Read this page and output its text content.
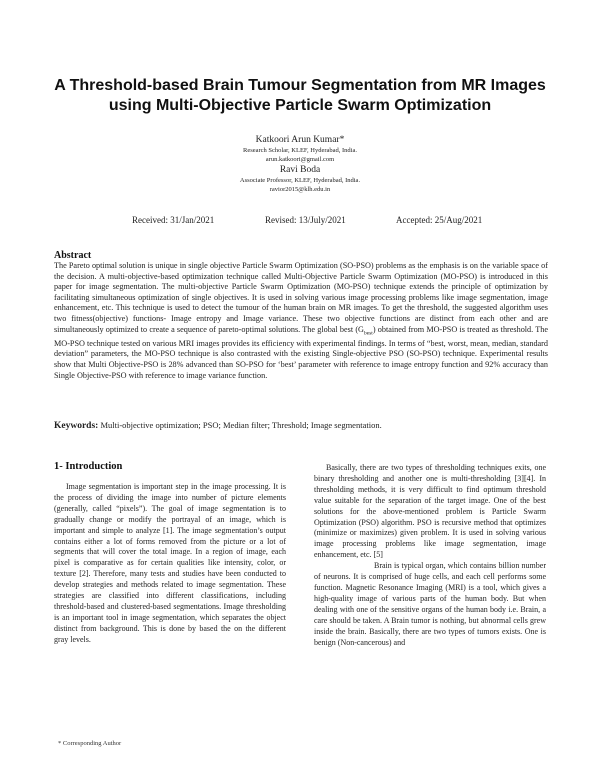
A Threshold-based Brain Tumour Segmentation from MR Images
using Multi-Objective Particle Swarm Optimization
Katkoori Arun Kumar*
Research Scholar, KLEF, Hyderabad, India.
arun.katkoori@gmail.com
Ravi Boda
Associate Professor, KLEF, Hyderabad, India.
ravior2015@klh.edu.in
Received: 31/Jan/2021	Revised: 13/July/2021	Accepted: 25/Aug/2021
Abstract

The Pareto optimal solution is unique in single objective Particle Swarm Optimization (SO-PSO) problems as the emphasis is on the variable space of the decision. A multi-objective-based optimization technique called Multi-Objective Particle Swarm Optimization (MO-PSO) is introduced in this paper for image segmentation. The multi-objective Particle Swarm Optimization (MO-PSO) technique extends the principle of optimization by facilitating simultaneous optimization of single objectives. It is used in solving various image processing problems like image segmentation, image enhancement, etc. This technique is used to detect the tumour of the human brain on MR images. To get the threshold, the suggested algorithm uses two fitness(objective) functions- Image entropy and Image variance. These two objective functions are distinct from each other and are simultaneously optimized to create a sequence of pareto-optimal solutions. The global best $(G_{best})$ obtained from MO-PSO is treated as threshold. The MO-PSO technique tested on various MRI images provides its efficiency with experimental findings. In terms of “best, worst, mean, median, standard deviation” parameters, the MO-PSO technique is also contrasted with the existing Single-objective PSO (SO-PSO) technique. Experimental results show that Multi Objective-PSO is 28% advanced than SO-PSO for ‘best’ parameter with reference to image entropy function and 92% accuracy than Single Objective-PSO with reference to image variance function.

Keywords: Multi-objective optimization; PSO; Median filter; Threshold; Image segmentation.
1- Introduction

Image segmentation is important step in the image processing. It is the process of dividing the image into number of picture elements (generally, called “pixels”). The goal of image segmentation is to gradually change or modify the portrayal of an image, which is important and simple to analyze [1]. The image segmentation’s output contains either a lot of forms removed from the picture or a lot of segments that will cover the total image. In a region of image, each pixel is comparative as for certain qualities like intensity, color, or texture [2]. Therefore, many tests and studies have been conducted to develop strategies and methods related to image segmentation. These strategies are classified into different classifications, including threshold-based and clustered-based segmentations. Image thresholding is an important tool in image segmentation, which separates the object distinct from background. This is done by based the on the different gray levels.

Basically, there are two types of thresholding techniques exits, one binary thresholding and another one is multi-thresholding [3][4]. In thresholding methods, it is very difficult to find optimum threshold value suitable for the separation of the target image. One of the best solutions for the above-mentioned problem is Particle Swarm Optimization (PSO) algorithm. PSO is recursive method that optimizes (minimize or maximizes) given problem. It is used in solving various image processing problems like image segmentation, image enhancement, etc. [5]

Brain is typical organ, which contains billion number of neurons. It is comprised of huge cells, and each cell performs some function. Magnetic Resonance Imaging (MRI) is a tool, which gives a high-quality image of various parts of the human body. But when dealing with one of the sensitive organs of the human body i.e. Brain, a care should be taken. A Brain tumor is nothing, but abnormal cells grew inside the brain. Basically, there are two types of tumors exists. One is benign (Non-cancerous) and

* Corresponding Author
